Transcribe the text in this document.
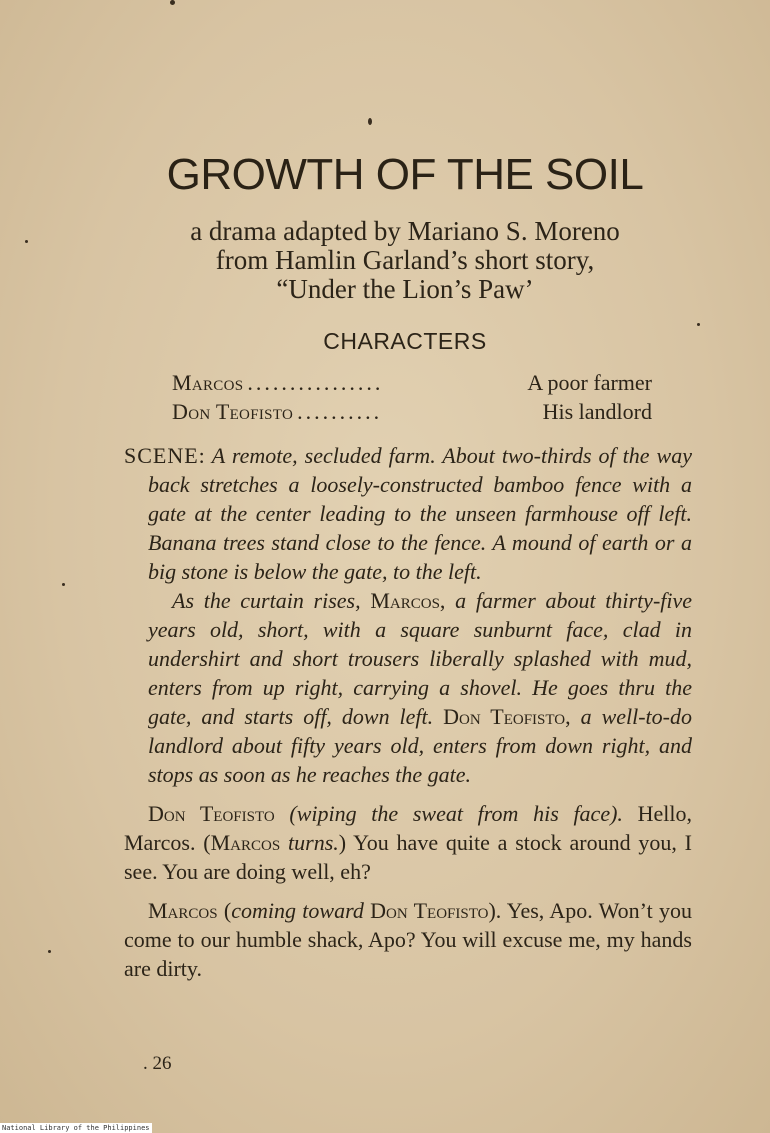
GROWTH OF THE SOIL
a drama adapted by Mariano S. Moreno
from Hamlin Garland’s short story,
“Under the Lion’s Paw’
CHARACTERS
Marcos ................	A poor farmer
Don Teofisto ..........	His landlord

SCENE: A remote, secluded farm. About two-thirds of the way back stretches a loosely-constructed bamboo fence with a gate at the center leading to the unseen farmhouse off left. Banana trees stand close to the fence. A mound of earth or a big stone is below the gate, to the left.

As the curtain rises, Marcos, a farmer about thirty-five years old, short, with a square sunburnt face, clad in undershirt and short trousers liberally splashed with mud, enters from up right, carrying a shovel. He goes thru the gate, and starts off, down left. Don Teofisto, a well-to-do landlord about fifty years old, enters from down right, and stops as soon as he reaches the gate.

Don Teofisto (wiping the sweat from his face). Hello, Marcos. (Marcos turns.) You have quite a stock around you, I see. You are doing well, eh?

Marcos (coming toward Don Teofisto). Yes, Apo. Won’t you come to our humble shack, Apo? You will excuse me, my hands are dirty.

. 26
National Library of the Philippines
